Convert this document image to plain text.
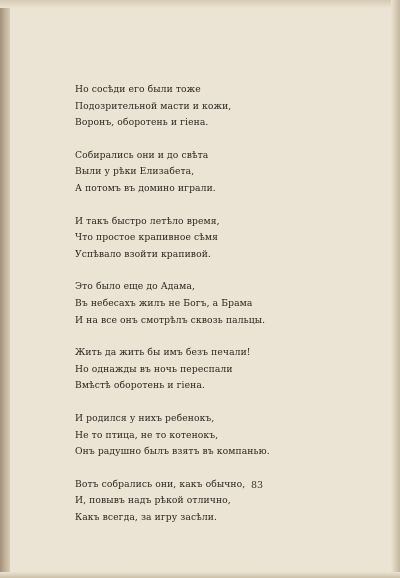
Но сосѣди его были тоже
Подозрительной масти и кожи,
Воронъ, оборотень и гіена.
Собирались они и до свѣта
Выли у рѣки Елизабета,
А потомъ въ домино играли.
И такъ быстро летѣло время,
Что простое крапивное сѣмя
Успѣвало взойти крапивой.
Это было еще до Адама,
Въ небесахъ жилъ не Богъ, а Брама
И на все онъ смотрѣлъ сквозь пальцы.
Жить да жить бы имъ безъ печали!
Но однажды въ ночь переспали
Вмѣстѣ оборотень и гіена.
И родился у нихъ ребенокъ,
Не то птица, не то котенокъ,
Онъ радушно былъ взятъ въ компанью.
Вотъ собрались они, какъ обычно,
И, повывъ надъ рѣкой отлично,
Какъ всегда, за игру засѣли.
83
